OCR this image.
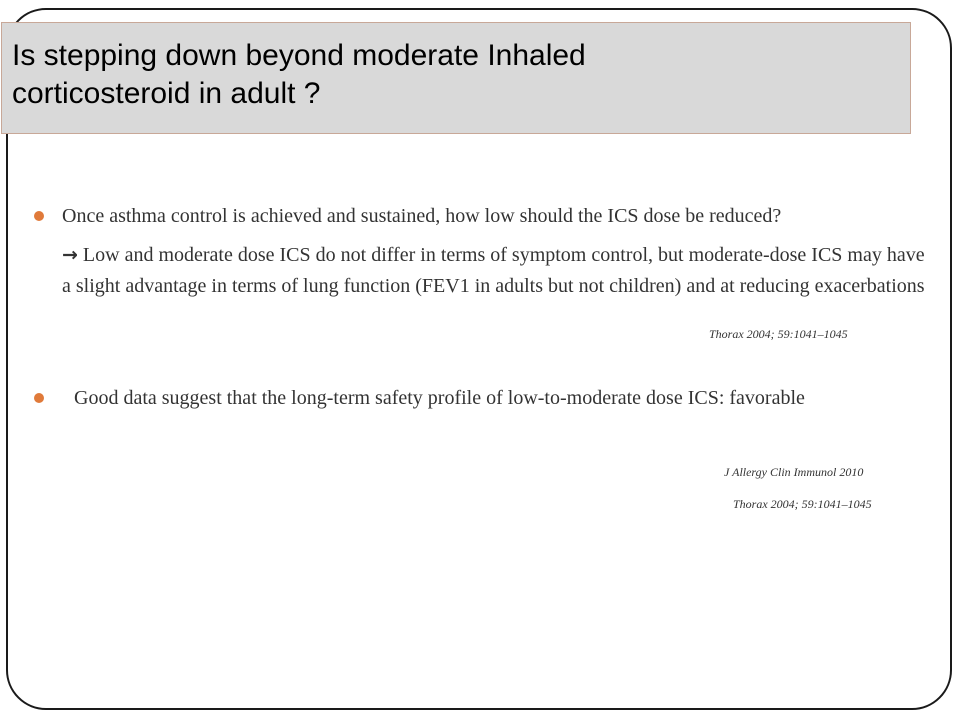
Is stepping down beyond moderate Inhaled
corticosteroid in adult ?

Once asthma control is achieved and sustained, how low should the ICS dose be reduced?

→ Low and moderate dose ICS do not differ in terms of symptom control, but moderate-dose ICS may have a slight advantage in terms of lung function (FEV1 in adults but not children) and at reducing exacerbations

Thorax 2004; 59:1041–1045

Good data suggest that the long-term safety profile of low-to-moderate dose ICS: favorable

J Allergy Clin Immunol 2010
Thorax 2004; 59:1041–1045
